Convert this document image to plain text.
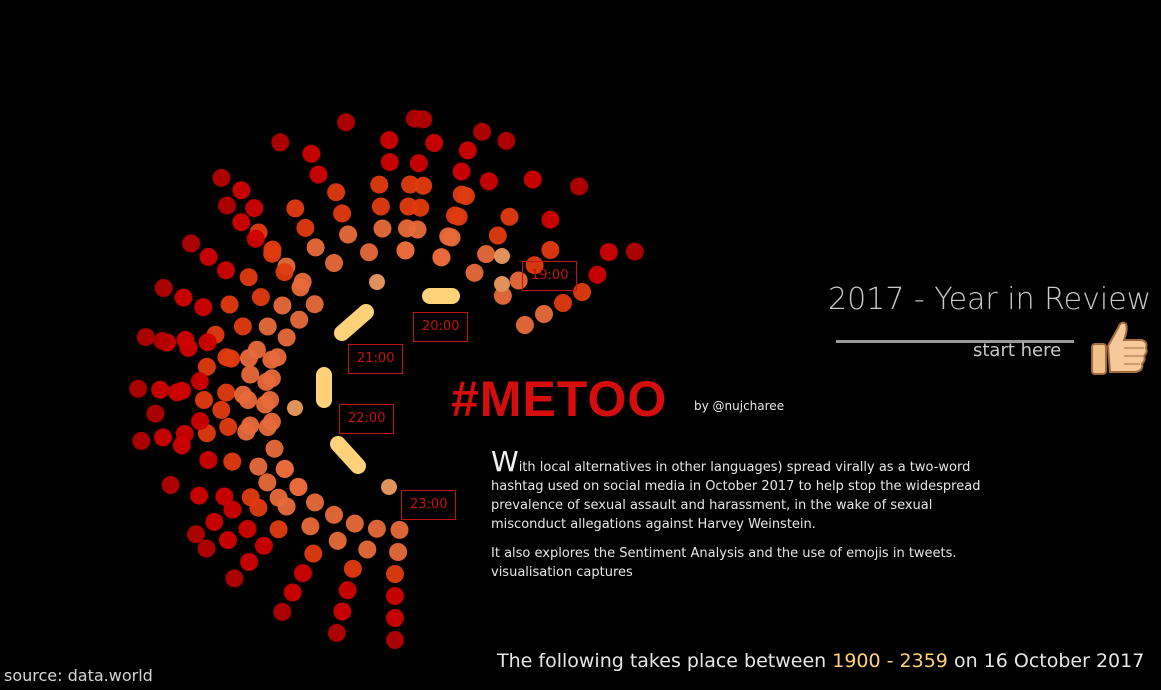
19:00
20:00
21:00
22:00
23:00
#METOO by @nujcharee

With local alternatives in other languages) spread virally as a two-word hashtag used on social media in October 2017 to help stop the widespread prevalence of sexual assault and harassment, in the wake of sexual misconduct allegations against Harvey Weinstein.

It also explores the Sentiment Analysis and the use of emojis in tweets. visualisation captures

2017 - Year in Review
start here
The following takes place between 1900 - 2359 on 16 October 2017
source: data.world
